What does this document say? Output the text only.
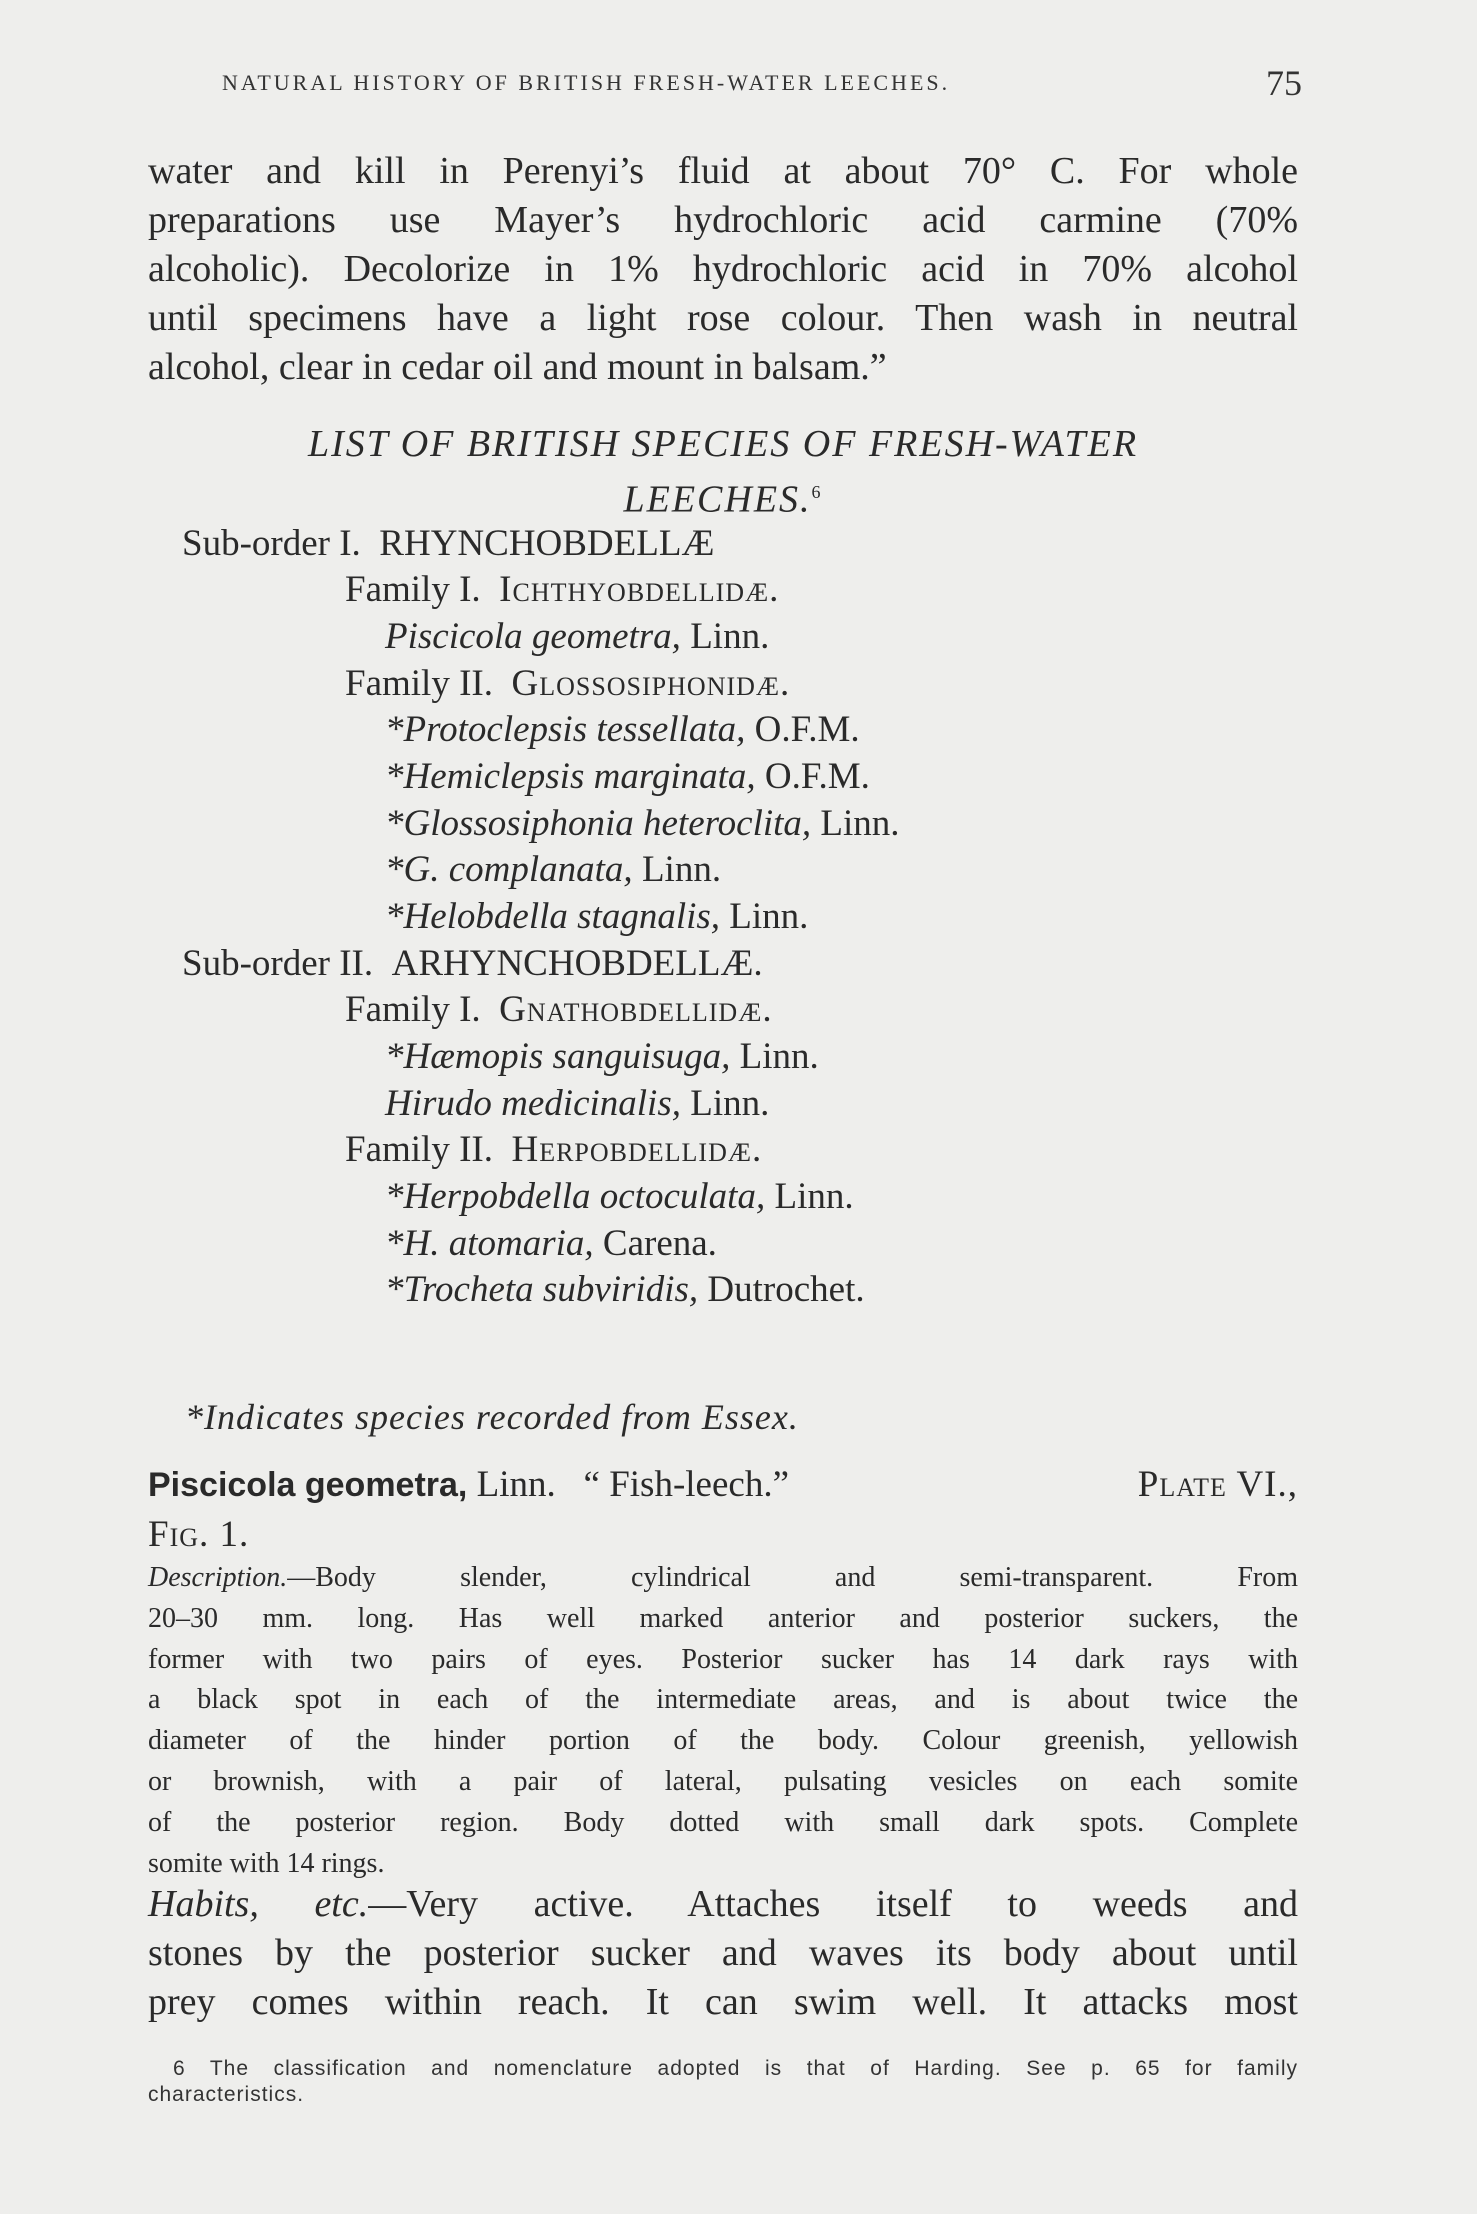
NATURAL HISTORY OF BRITISH FRESH-WATER LEECHES.	75
water and kill in Perenyi’s fluid at about 70° C. For whole
preparations use Mayer’s hydrochloric acid carmine (70%
alcoholic). Decolorize in 1% hydrochloric acid in 70% alcohol
until specimens have a light rose colour. Then wash in neutral
alcohol, clear in cedar oil and mount in balsam.”
LIST OF BRITISH SPECIES OF FRESH-WATER
LEECHES.$^6$
Sub-order I. RHYNCHOBDELLÆ
Family I. Ichthyobdellidæ.
Piscicola geometra, Linn.
Family II. Glossosiphonidæ.
*Protoclepsis tessellata, O.F.M.
*Hemiclepsis marginata, O.F.M.
*Glossosiphonia heteroclita, Linn.
*G. complanata, Linn.
*Helobdella stagnalis, Linn.
Sub-order II. ARHYNCHOBDELLÆ.
Family I. Gnathobdellidæ.
*Hæmopis sanguisuga, Linn.
Hirudo medicinalis, Linn.
Family II. Herpobdellidæ.
*Herpobdella octoculata, Linn.
*H. atomaria, Carena.
*Trocheta subviridis, Dutrochet.
*Indicates species recorded from Essex.
Piscicola geometra, Linn. “ Fish-leech.”	Plate VI.,
Fig. 1.
Description.—Body slender, cylindrical and semi-transparent. From
20–30 mm. long. Has well marked anterior and posterior suckers, the
former with two pairs of eyes. Posterior sucker has 14 dark rays with
a black spot in each of the intermediate areas, and is about twice the
diameter of the hinder portion of the body. Colour greenish, yellowish
or brownish, with a pair of lateral, pulsating vesicles on each somite
of the posterior region. Body dotted with small dark spots. Complete
somite with 14 rings.
Habits, etc.—Very active. Attaches itself to weeds and
stones by the posterior sucker and waves its body about until
prey comes within reach. It can swim well. It attacks most
6 The classification and nomenclature adopted is that of Harding. See p. 65 for family
characteristics.
